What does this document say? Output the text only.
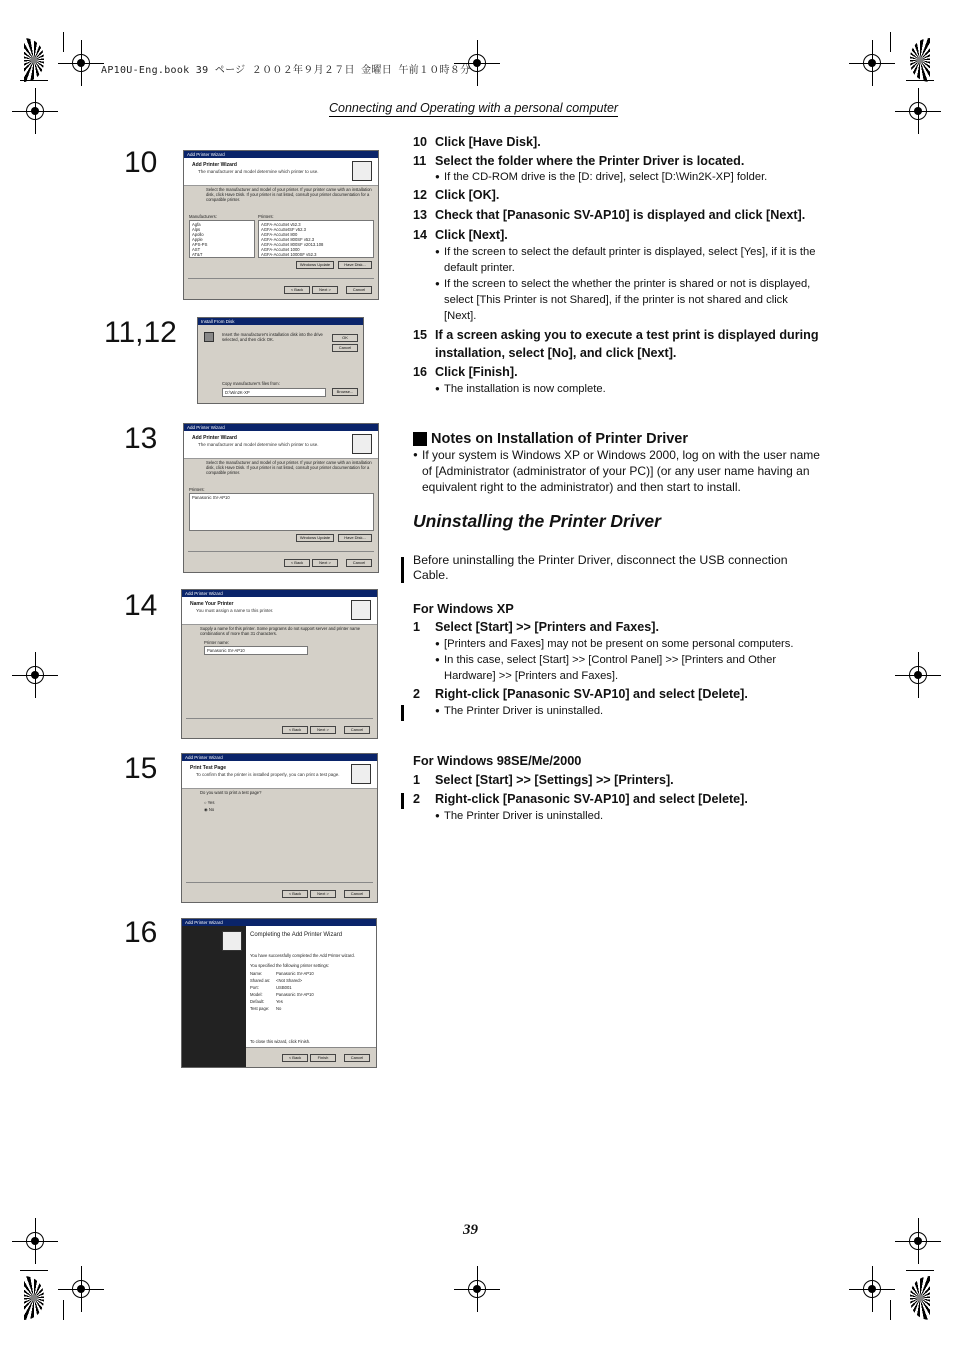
AP10U-Eng.book 39 ページ ２００２年９月２７日 金曜日 午前１０時８分
Connecting and Operating with a personal computer
10
11,12
13
14
15
16
Add Printer Wizard
Add Printer Wizard
The manufacturer and model determine which printer to use.
Select the manufacturer and model of your printer. If your printer came with an installation disk, click Have Disk. If your printer is not listed, consult your printer documentation for a compatible printer.
Manufacturers:	Printers:
Agfa
Alps
Apollo
Apple
APS-PS
AST
AT&T
AGFA-AccuSet v52.3
AGFA-AccuSetSF v52.3
AGFA-AccuSet 800
AGFA-AccuSet 800SF v52.3
AGFA-AccuSet 800SF v2013.108
AGFA-AccuSet 1000
AGFA-AccuSet 1000SF v52.3
Windows Update	Have Disk...
< Back	Next >	Cancel
Install From Disk
Insert the manufacturer's installation disk into the drive selected, and then click OK.	OK
Cancel
Copy manufacturer's files from:
D:\Win2K-XP	Browse...
Add Printer Wizard
Add Printer Wizard
The manufacturer and model determine which printer to use.
Select the manufacturer and model of your printer. If your printer came with an installation disk, click Have Disk. If your printer is not listed, consult your printer documentation for a compatible printer.
Printers:
Panasonic SV-AP10
Windows Update	Have Disk...
< Back	Next >	Cancel
Add Printer Wizard
Name Your Printer
You must assign a name to this printer.
Supply a name for this printer. Some programs do not support server and printer name combinations of more than 31 characters.
Printer name:
Panasonic SV-AP10
< Back	Next >	Cancel
Add Printer Wizard
Print Test Page
To confirm that the printer is installed properly, you can print a test page.
Do you want to print a test page?
○ Yes
◉ No
< Back	Next >	Cancel
Add Printer Wizard
Completing the Add Printer Wizard
You have successfully completed the Add Printer wizard.
You specified the following printer settings:
Name:	Panasonic SV-AP10
Shared as: <Not Shared>
Port:	USB001
Model:	Panasonic SV-AP10
Default:	Yes
Test page: No
To close this wizard, click Finish.
< Back	Finish	Cancel
10 Click [Have Disk].
11 Select the folder where the Printer Driver is located.
● If the CD-ROM drive is the [D: drive], select [D:\Win2K-XP] folder.
12 Click [OK].
13 Check that [Panasonic SV-AP10] is displayed and click [Next].
14 Click [Next].
● If the screen to select the default printer is displayed, select [Yes], if it is the default printer.
● If the screen to select the whether the printer is shared or not is displayed, select [This Printer is not Shared], if the printer is not shared and click [Next].
15 If a screen asking you to execute a test print is displayed during installation, select [No], and click [Next].
16 Click [Finish].
● The installation is now complete.
Notes on Installation of Printer Driver
● If your system is Windows XP or Windows 2000, log on with the user name of [Administrator (administrator of your PC)] (or any user name having an equivalent right to the administrator) and then start to install.
Uninstalling the Printer Driver
Before uninstalling the Printer Driver, disconnect the USB connection Cable.
For Windows XP
1	Select [Start] >> [Printers and Faxes].
● [Printers and Faxes] may not be present on some personal computers.
● In this case, select [Start] >> [Control Panel] >> [Printers and Other Hardware] >> [Printers and Faxes].
2	Right-click [Panasonic SV-AP10] and select [Delete].
● The Printer Driver is uninstalled.
For Windows 98SE/Me/2000
1	Select [Start] >> [Settings] >> [Printers].
2	Right-click [Panasonic SV-AP10] and select [Delete].
● The Printer Driver is uninstalled.
39
